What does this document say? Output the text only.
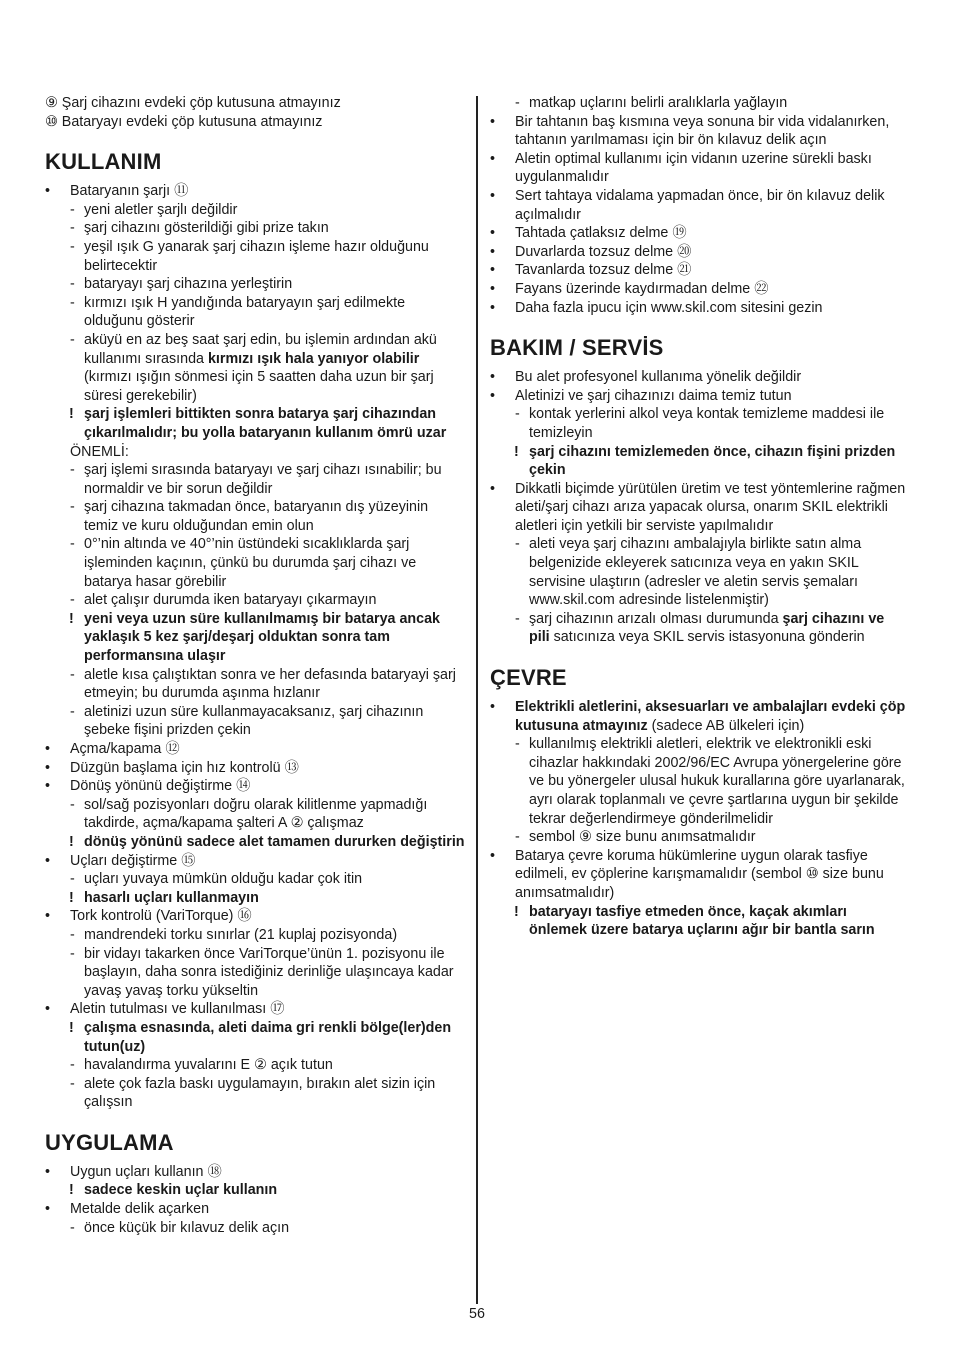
⑨ Şarj cihazını evdeki çöp kutusuna atmayınız
⑩ Bataryayı evdeki çöp kutusuna atmayınız
KULLANIM
• Bataryanın şarjı ⑪
- yeni aletler şarjlı değildir
- şarj cihazını gösterildiği gibi prize takın
- yeşil ışık G yanarak şarj cihazın işleme hazır olduğunu belirtecektir
- bataryayı şarj cihazına yerleştirin
- kırmızı ışık H yandığında bataryayın şarj edilmekte olduğunu gösterir
- aküyü en az beş saat şarj edin, bu işlemin ardından akü kullanımı sırasında kırmızı ışık hala yanıyor olabilir (kırmızı ışığın sönmesi için 5 saatten daha uzun bir şarj süresi gerekebilir)
! şarj işlemleri bittikten sonra batarya şarj cihazından çıkarılmalıdır; bu yolla bataryanın kullanım ömrü uzar
ÖNEMLİ:
- şarj işlemi sırasında bataryayı ve şarj cihazı ısınabilir; bu normaldir ve bir sorun değildir
- şarj cihazına takmadan önce, bataryanın dış yüzeyinin temiz ve kuru olduğundan emin olun
- 0°’nin altında ve 40°’nin üstündeki sıcaklıklarda şarj işleminden kaçının, çünkü bu durumda şarj cihazı ve batarya hasar görebilir
- alet çalışır durumda iken bataryayı çıkarmayın
! yeni veya uzun süre kullanılmamış bir batarya ancak yaklaşık 5 kez şarj/deşarj olduktan sonra tam performansına ulaşır
- aletle kısa çalıştıktan sonra ve her defasında bataryayi şarj etmeyin; bu durumda aşınma hızlanır
- aletinizi uzun süre kullanmayacaksanız, şarj cihazının şebeke fişini prizden çekin
• Açma/kapama ⑫
• Düzgün başlama için hız kontrolü ⑬
• Dönüş yönünü değiştirme ⑭
- sol/sağ pozisyonları doğru olarak kilitlenme yapmadığı takdirde, açma/kapama şalteri A ② çalışmaz
! dönüş yönünü sadece alet tamamen dururken değiştirin
• Uçları değiştirme ⑮
- uçları yuvaya mümkün olduğu kadar çok itin
! hasarlı uçları kullanmayın
• Tork kontrolü (VariTorque) ⑯
- mandrendeki torku sınırlar (21 kuplaj pozisyonda)
- bir vidayı takarken önce VariTorque’ünün 1. pozisyonu ile başlayın, daha sonra istediğiniz derinliğe ulaşıncaya kadar yavaş yavaş torku yükseltin
• Aletin tutulması ve kullanılması ⑰
! çalışma esnasında, aleti daima gri renkli bölge(ler)den tutun(uz)
- havalandırma yuvalarını E ② açık tutun
- alete çok fazla baskı uygulamayın, bırakın alet sizin için çalışsın
UYGULAMA
• Uygun uçları kullanın ⑱
! sadece keskin uçlar kullanın
• Metalde delik açarken
- önce küçük bir kılavuz delik açın
- matkap uçlarını belirli aralıklarla yağlayın
• Bir tahtanın baş kısmına veya sonuna bir vida vidalanırken, tahtanın yarılmaması için bir ön kılavuz delik açın
• Aletin optimal kullanımı için vidanın uzerine sürekli baskı uygulanmalıdır
• Sert tahtaya vidalama yapmadan önce, bir ön kılavuz delik açılmalıdır
• Tahtada çatlaksız delme ⑲
• Duvarlarda tozsuz delme ⑳
• Tavanlarda tozsuz delme ㉑
• Fayans üzerinde kaydırmadan delme ㉒
• Daha fazla ipucu için www.skil.com sitesini gezin
BAKIM / SERVİS
• Bu alet profesyonel kullanıma yönelik değildir
• Aletinizi ve şarj cihazınızı daima temiz tutun
- kontak yerlerini alkol veya kontak temizleme maddesi ile temizleyin
! şarj cihazını temizlemeden önce, cihazın fişini prizden çekin
• Dikkatli biçimde yürütülen üretim ve test yöntemlerine rağmen aleti/şarj cihazı arıza yapacak olursa, onarım SKIL elektrikli aletleri için yetkili bir serviste yapılmalıdır
- aleti veya şarj cihazını ambalajıyla birlikte satın alma belgenizide ekleyerek satıcınıza veya en yakın SKIL servisine ulaştırın (adresler ve aletin servis şemaları www.skil.com adresinde listelenmiştir)
- şarj cihazının arızalı olması durumunda şarj cihazını ve pili satıcınıza veya SKIL servis istasyonuna gönderin
ÇEVRE
• Elektrikli aletlerini, aksesuarları ve ambalajları evdeki çöp kutusuna atmayınız (sadece AB ülkeleri için)
- kullanılmış elektrikli aletleri, elektrik ve elektronikli eski cihazlar hakkındaki 2002/96/EC Avrupa yönergelerine göre ve bu yönergeler ulusal hukuk kurallarına göre uyarlanarak, ayrı olarak toplanmalı ve çevre şartlarına uygun bir şekilde tekrar değerlendirmeye gönderilmelidir
- sembol ⑨ size bunu anımsatmalıdır
• Batarya çevre koruma hükümlerine uygun olarak tasfiye edilmeli, ev çöplerine karışmamalıdır (sembol ⑩ size bunu anımsatmalıdır)
! bataryayı tasfiye etmeden önce, kaçak akımları önlemek üzere batarya uçlarını ağır bir bantla sarın
56
